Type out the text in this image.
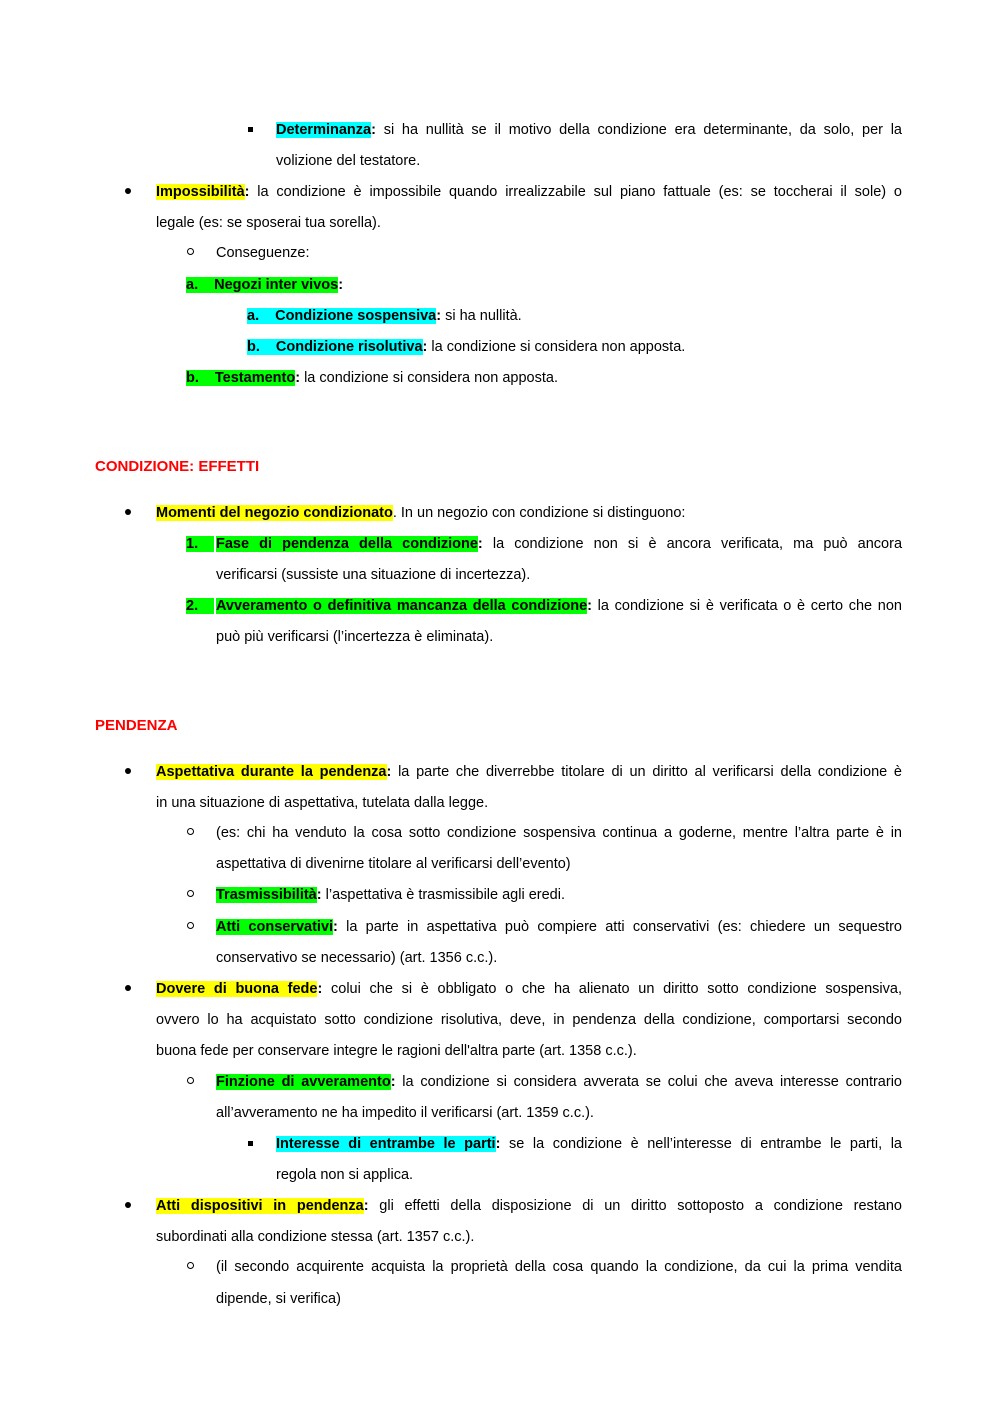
Determinanza: si ha nullità se il motivo della condizione era determinante, da solo, per la
volizione del testatore.
Impossibilità: la condizione è impossibile quando irrealizzabile sul piano fattuale (es: se toccherai il sole) o
legale (es: se sposerai tua sorella).
Conseguenze:
a. Negozi inter vivos:
a. Condizione sospensiva: si ha nullità.
b. Condizione risolutiva: la condizione si considera non apposta.
b. Testamento: la condizione si considera non apposta.
CONDIZIONE: EFFETTI
Momenti del negozio condizionato. In un negozio con condizione si distinguono:
1.	Fase di pendenza della condizione: la condizione non si è ancora verificata, ma può ancora
verificarsi (sussiste una situazione di incertezza).
2.	Avveramento o definitiva mancanza della condizione: la condizione si è verificata o è certo che non
può più verificarsi (l’incertezza è eliminata).
PENDENZA
Aspettativa durante la pendenza: la parte che diverrebbe titolare di un diritto al verificarsi della condizione è
in una situazione di aspettativa, tutelata dalla legge.
(es: chi ha venduto la cosa sotto condizione sospensiva continua a goderne, mentre l’altra parte è in
aspettativa di divenirne titolare al verificarsi dell’evento)
Trasmissibilità: l’aspettativa è trasmissibile agli eredi.
Atti conservativi: la parte in aspettativa può compiere atti conservativi (es: chiedere un sequestro
conservativo se necessario) (art. 1356 c.c.).
Dovere di buona fede: colui che si è obbligato o che ha alienato un diritto sotto condizione sospensiva,
ovvero lo ha acquistato sotto condizione risolutiva, deve, in pendenza della condizione, comportarsi secondo
buona fede per conservare integre le ragioni dell'altra parte (art. 1358 c.c.).
Finzione di avveramento: la condizione si considera avverata se colui che aveva interesse contrario
all’avveramento ne ha impedito il verificarsi (art. 1359 c.c.).
Interesse di entrambe le parti: se la condizione è nell’interesse di entrambe le parti, la
regola non si applica.
Atti dispositivi in pendenza: gli effetti della disposizione di un diritto sottoposto a condizione restano
subordinati alla condizione stessa (art. 1357 c.c.).
(il secondo acquirente acquista la proprietà della cosa quando la condizione, da cui la prima vendita
dipende, si verifica)
